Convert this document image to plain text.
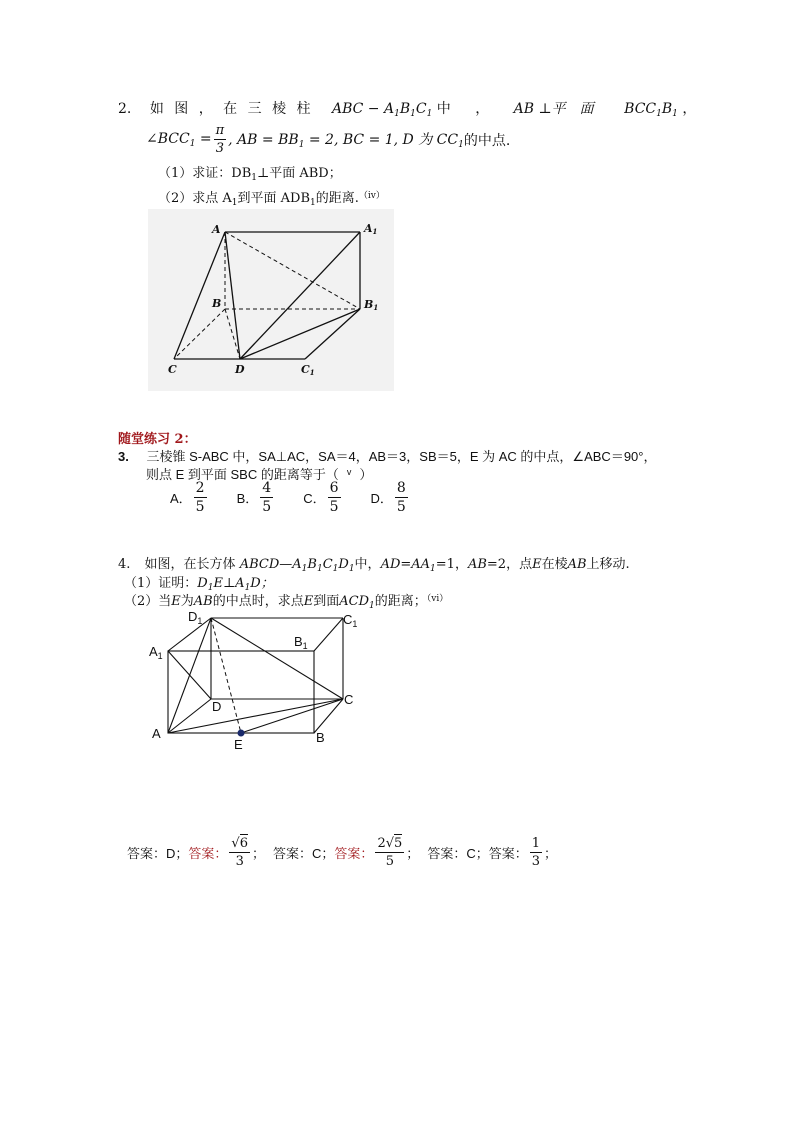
2. 如 图 ， 在 三 棱 柱 ABC − $A_1B_1C_1$ 中 ， AB ⊥平　面 $BCC_1B_1$ ，
$\angle BCC_1 = \frac{\pi}{3}$ , AB = $BB_1 = 2$, BC = 1, D 为 $CC_1$ 的中点.
（1）求证：$DB_1\perp$平面 ABD；
（2）求点 $A_1$到平面 $ADB_1$的距离.$^{(iv)}$
A	A1
B	B1
C	D	C1
随堂练习 2：
3. 三棱锥 S-ABC 中，SA⊥AC，SA＝4，AB＝3，SB＝5，E 为 AC 的中点，∠ABC＝90°，
则点 E 到平面 SBC 的距离等于（ $^v$ ）
A． $\frac{2}{5}$ B． $\frac{4}{5}$ C． $\frac{6}{5}$ D． $\frac{8}{5}$
4. 如图，在长方体 $ABCD—A_1B_1C_1D_1$中，$AD=AA_1=1$，AB=2，点E在棱AB上移动.
（1）证明：$D_1E\perp A_1D$；
（2）当E为AB的中点时，求点E到面$ACD_1$的距离；$^{(vi)}$
$D_1$	$C_1$
$A_1$
$B_1$
D	C
A
E	B
答案： D； 答案： $\frac{√6}{3}$ ； 答案： C； 答案： $\frac{2√5}{5}$ ； 答案： C； 答案： $\frac{1}{3}$ ；
